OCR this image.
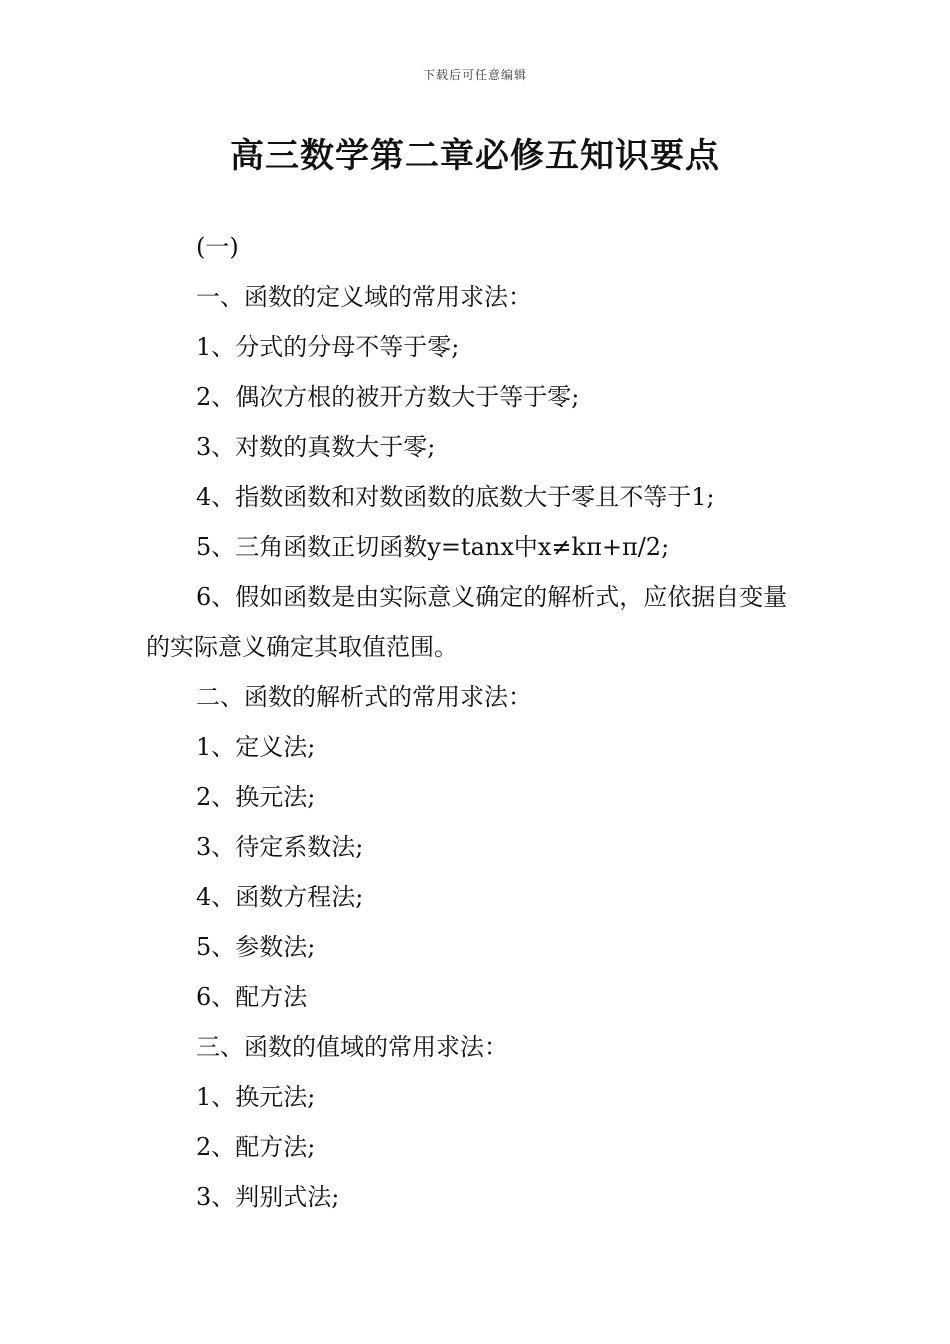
下载后可任意编辑
高三数学第二章必修五知识要点

(一)

一、函数的定义域的常用求法：

1、分式的分母不等于零;

2、偶次方根的被开方数大于等于零;

3、对数的真数大于零;

4、指数函数和对数函数的底数大于零且不等于1;

5、三角函数正切函数y=tanx中x≠kπ+π/2;

6、假如函数是由实际意义确定的解析式，应依据自变量的实际意义确定其取值范围。

二、函数的解析式的常用求法：

1、定义法;

2、换元法;

3、待定系数法;

4、函数方程法;

5、参数法;

6、配方法

三、函数的值域的常用求法：

1、换元法;

2、配方法;

3、判别式法;
